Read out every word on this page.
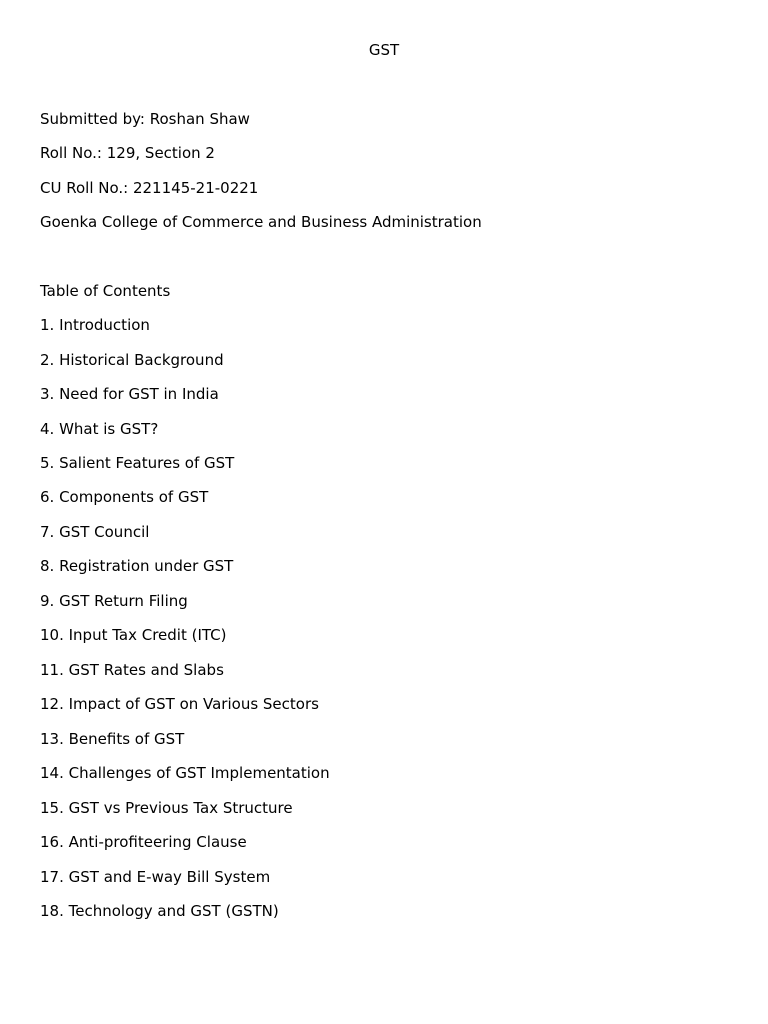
GST
Submitted by: Roshan Shaw
Roll No.: 129, Section 2
CU Roll No.: 221145-21-0221
Goenka College of Commerce and Business Administration
Table of Contents
1. Introduction
2. Historical Background
3. Need for GST in India
4. What is GST?
5. Salient Features of GST
6. Components of GST
7. GST Council
8. Registration under GST
9. GST Return Filing
10. Input Tax Credit (ITC)
11. GST Rates and Slabs
12. Impact of GST on Various Sectors
13. Benefits of GST
14. Challenges of GST Implementation
15. GST vs Previous Tax Structure
16. Anti-profiteering Clause
17. GST and E-way Bill System
18. Technology and GST (GSTN)
